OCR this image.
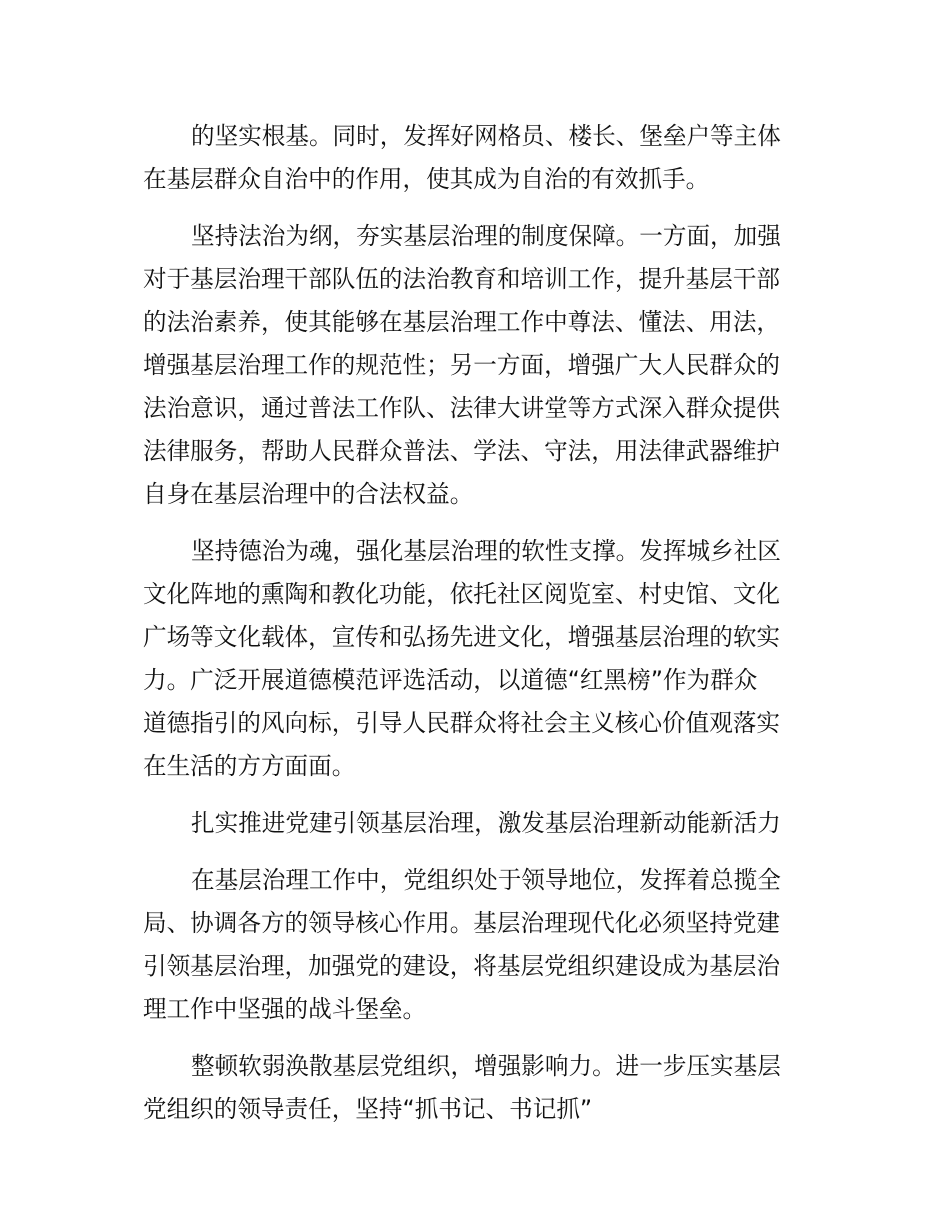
的坚实根基。同时，发挥好网格员、楼长、堡垒户等主体
在基层群众自治中的作用，使其成为自治的有效抓手。
坚持法治为纲，夯实基层治理的制度保障。一方面，加强
对于基层治理干部队伍的法治教育和培训工作，提升基层干部
的法治素养，使其能够在基层治理工作中尊法、懂法、用法，
增强基层治理工作的规范性；另一方面，增强广大人民群众的
法治意识，通过普法工作队、法律大讲堂等方式深入群众提供
法律服务，帮助人民群众普法、学法、守法，用法律武器维护
自身在基层治理中的合法权益。
坚持德治为魂，强化基层治理的软性支撑。发挥城乡社区
文化阵地的熏陶和教化功能，依托社区阅览室、村史馆、文化
广场等文化载体，宣传和弘扬先进文化，增强基层治理的软实
力。广泛开展道德模范评选活动，以道德“红黑榜”作为群众
道德指引的风向标，引导人民群众将社会主义核心价值观落实
在生活的方方面面。
扎实推进党建引领基层治理，激发基层治理新动能新活力
在基层治理工作中，党组织处于领导地位，发挥着总揽全
局、协调各方的领导核心作用。基层治理现代化必须坚持党建
引领基层治理，加强党的建设，将基层党组织建设成为基层治
理工作中坚强的战斗堡垒。
整顿软弱涣散基层党组织，增强影响力。进一步压实基层
党组织的领导责任，坚持“抓书记、书记抓”
